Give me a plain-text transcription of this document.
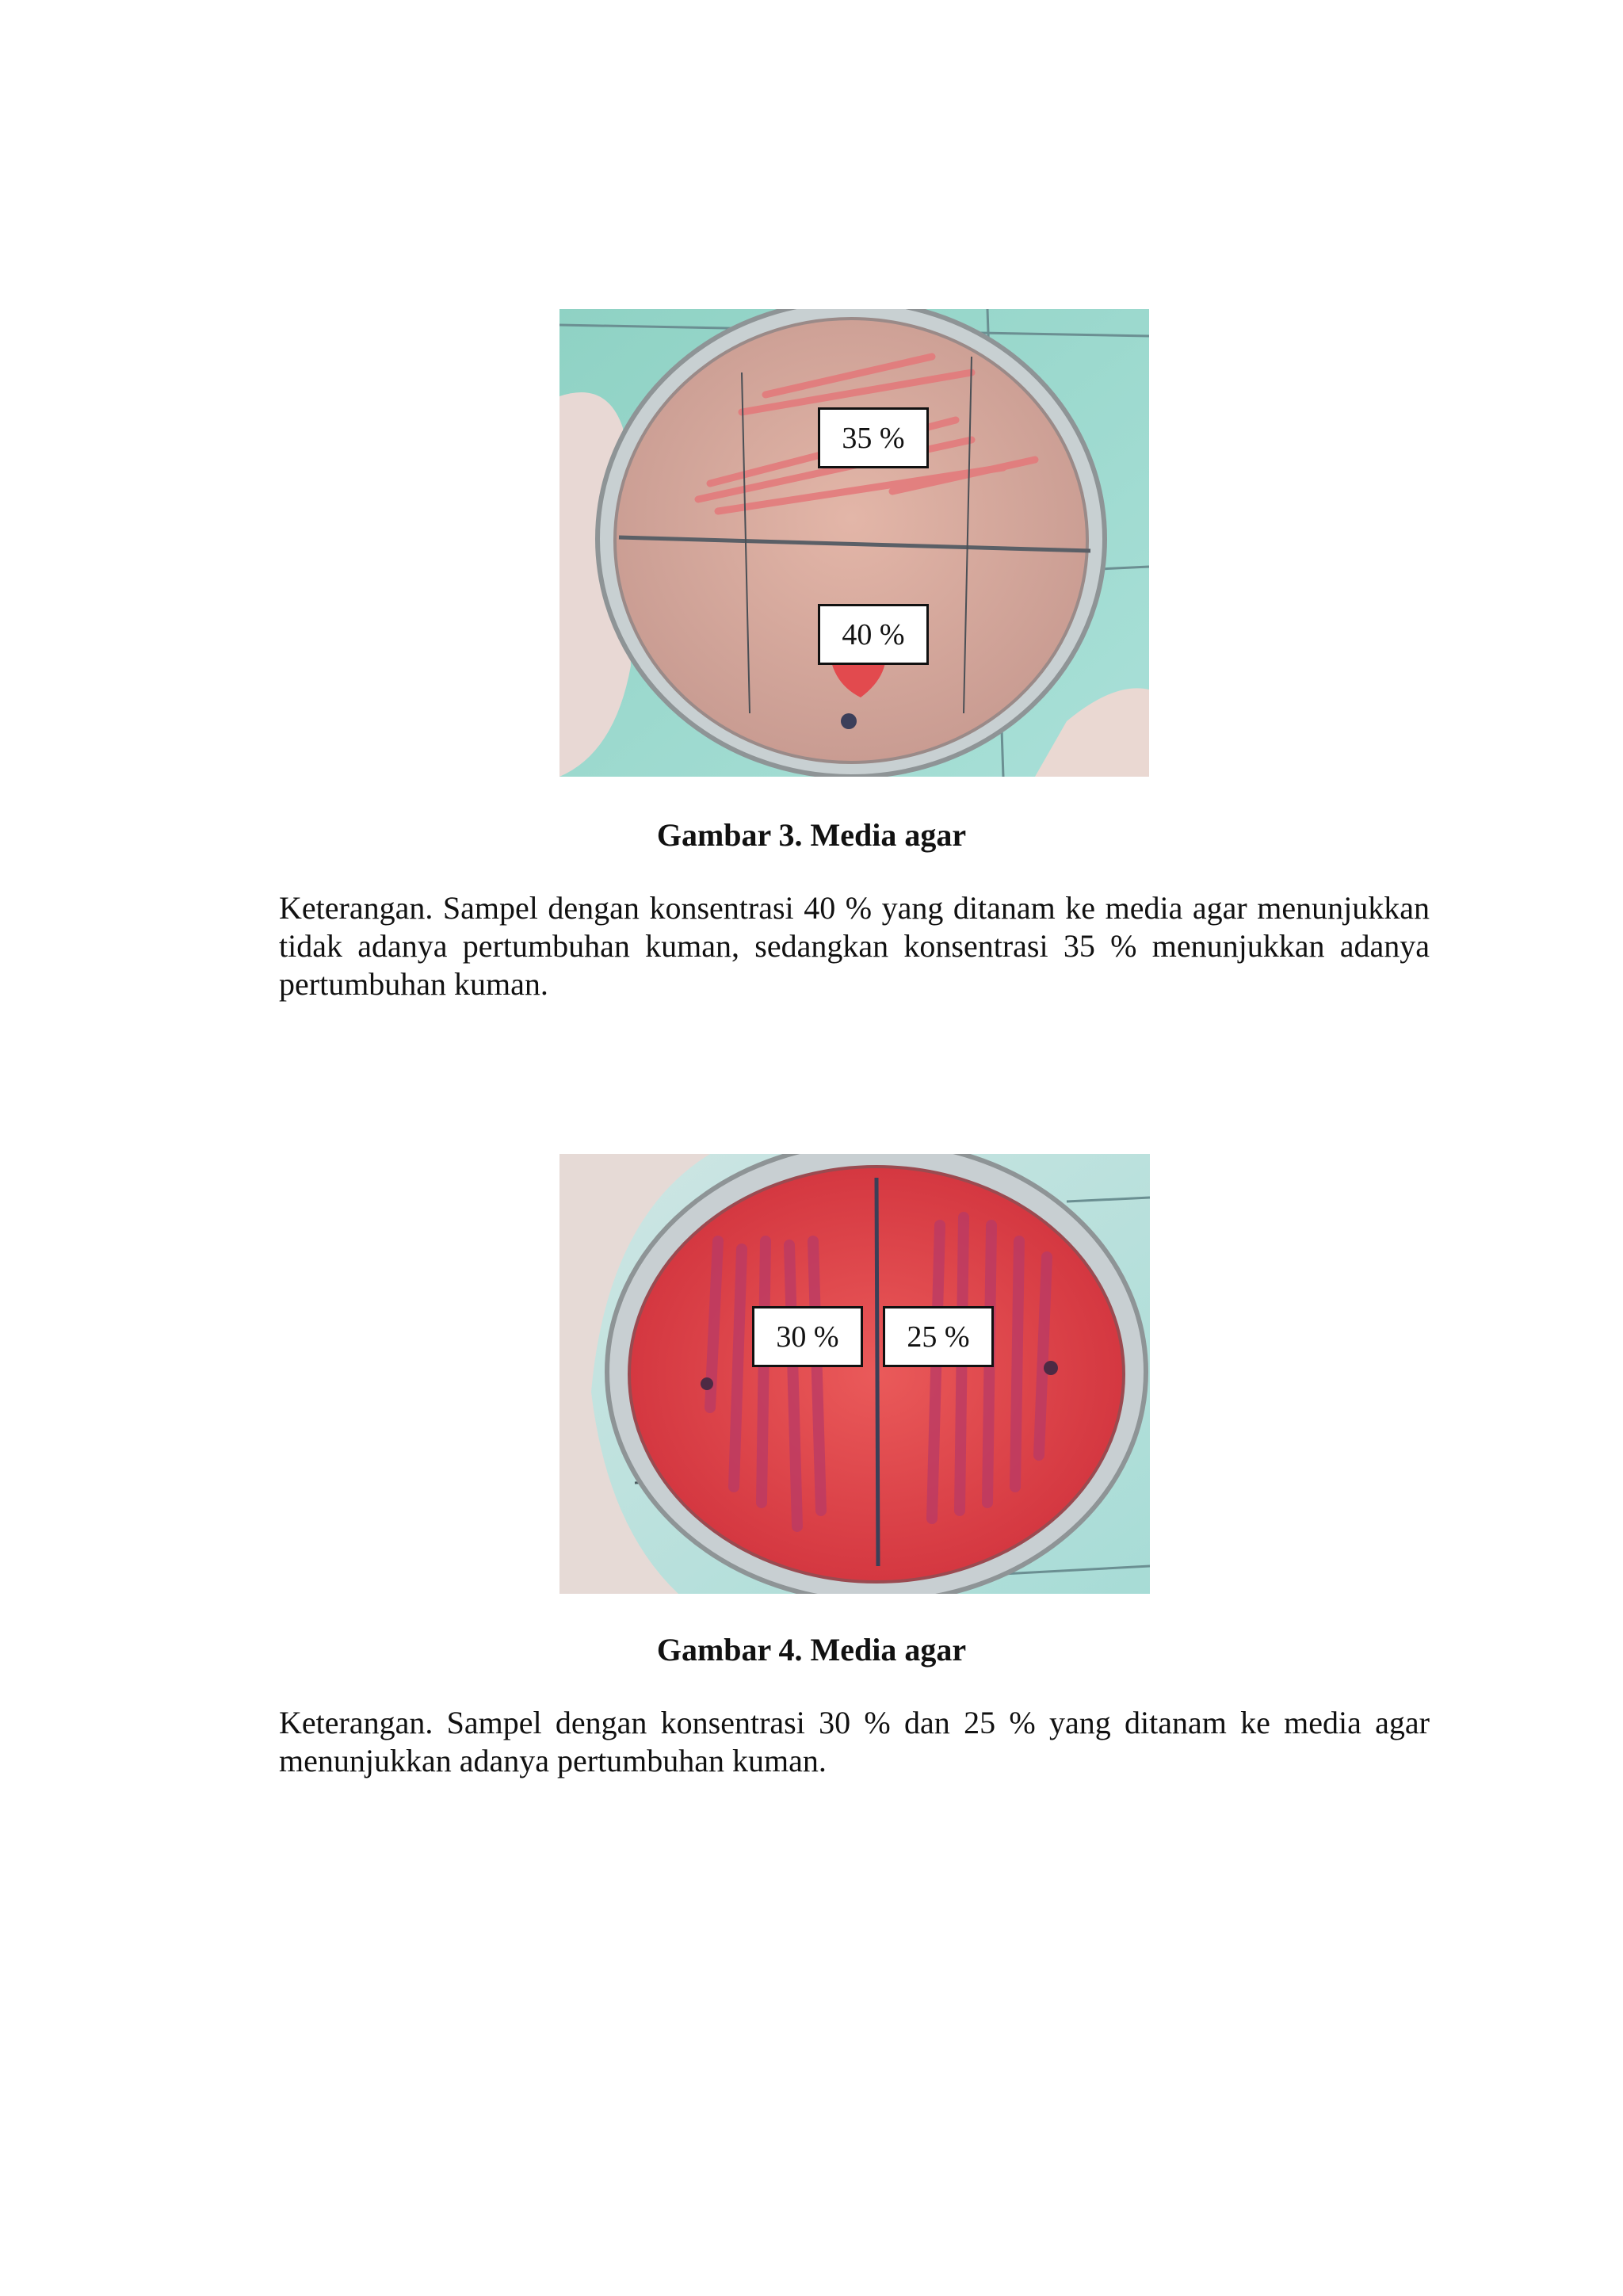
35 %
40 %
Gambar 3. Media agar
Keterangan. Sampel dengan konsentrasi 40 % yang ditanam ke media agar menunjukkan tidak adanya pertumbuhan kuman, sedangkan konsentrasi 35 % menunjukkan adanya pertumbuhan kuman.
30 %	25 %
Gambar 4. Media agar
Keterangan. Sampel dengan konsentrasi 30 % dan 25 % yang ditanam ke media agar menunjukkan adanya pertumbuhan kuman.
